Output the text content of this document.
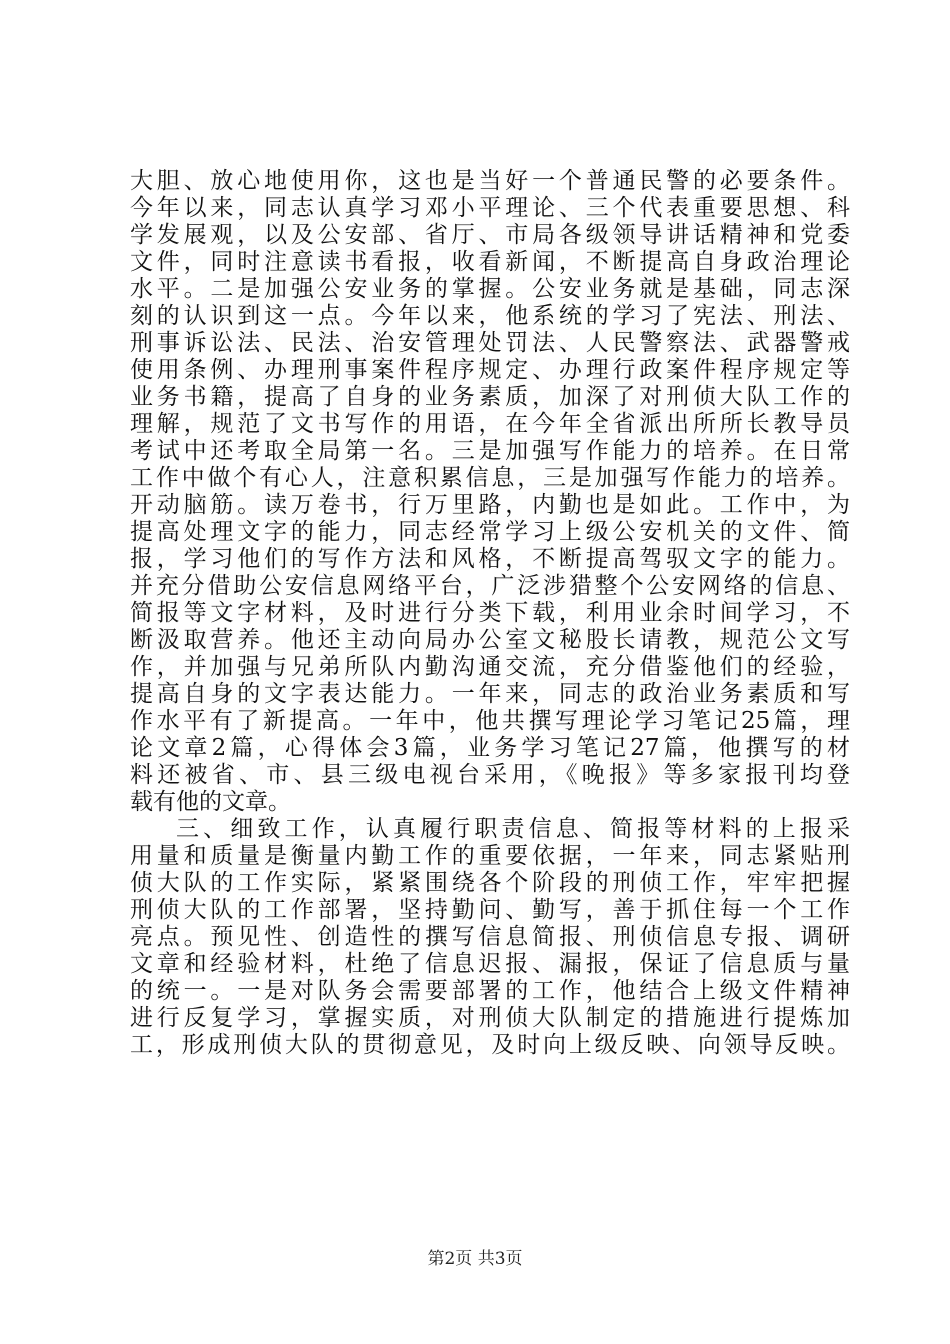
大胆、放心地使用你，这也是当好一个普通民警的必要条件。
今年以来，同志认真学习邓小平理论、三个代表重要思想、科
学发展观，以及公安部、省厅、市局各级领导讲话精神和党委
文件，同时注意读书看报，收看新闻，不断提高自身政治理论
水平。二是加强公安业务的掌握。公安业务就是基础，同志深
刻的认识到这一点。今年以来，他系统的学习了宪法、刑法、
刑事诉讼法、民法、治安管理处罚法、人民警察法、武器警戒
使用条例、办理刑事案件程序规定、办理行政案件程序规定等
业务书籍，提高了自身的业务素质，加深了对刑侦大队工作的
理解，规范了文书写作的用语，在今年全省派出所所长教导员
考试中还考取全局第一名。三是加强写作能力的培养。在日常
工作中做个有心人，注意积累信息，三是加强写作能力的培养。
开动脑筋。读万卷书，行万里路，内勤也是如此。工作中，为
提高处理文字的能力，同志经常学习上级公安机关的文件、简
报，学习他们的写作方法和风格，不断提高驾驭文字的能力。
并充分借助公安信息网络平台，广泛涉猎整个公安网络的信息、
简报等文字材料，及时进行分类下载，利用业余时间学习，不
断汲取营养。他还主动向局办公室文秘股长请教，规范公文写
作，并加强与兄弟所队内勤沟通交流，充分借鉴他们的经验，
提高自身的文字表达能力。一年来，同志的政治业务素质和写
作水平有了新提高。一年中，他共撰写理论学习笔记25篇，理
论文章2篇，心得体会3篇，业务学习笔记27篇，他撰写的材
料还被省、市、县三级电视台采用，《晚报》等多家报刊均登
载有他的文章。
三、细致工作，认真履行职责信息、简报等材料的上报采
用量和质量是衡量内勤工作的重要依据，一年来，同志紧贴刑
侦大队的工作实际，紧紧围绕各个阶段的刑侦工作，牢牢把握
刑侦大队的工作部署，坚持勤问、勤写，善于抓住每一个工作
亮点。预见性、创造性的撰写信息简报、刑侦信息专报、调研
文章和经验材料，杜绝了信息迟报、漏报，保证了信息质与量
的统一。一是对队务会需要部署的工作，他结合上级文件精神
进行反复学习，掌握实质，对刑侦大队制定的措施进行提炼加
工，形成刑侦大队的贯彻意见，及时向上级反映、向领导反映。
第2页 共3页
